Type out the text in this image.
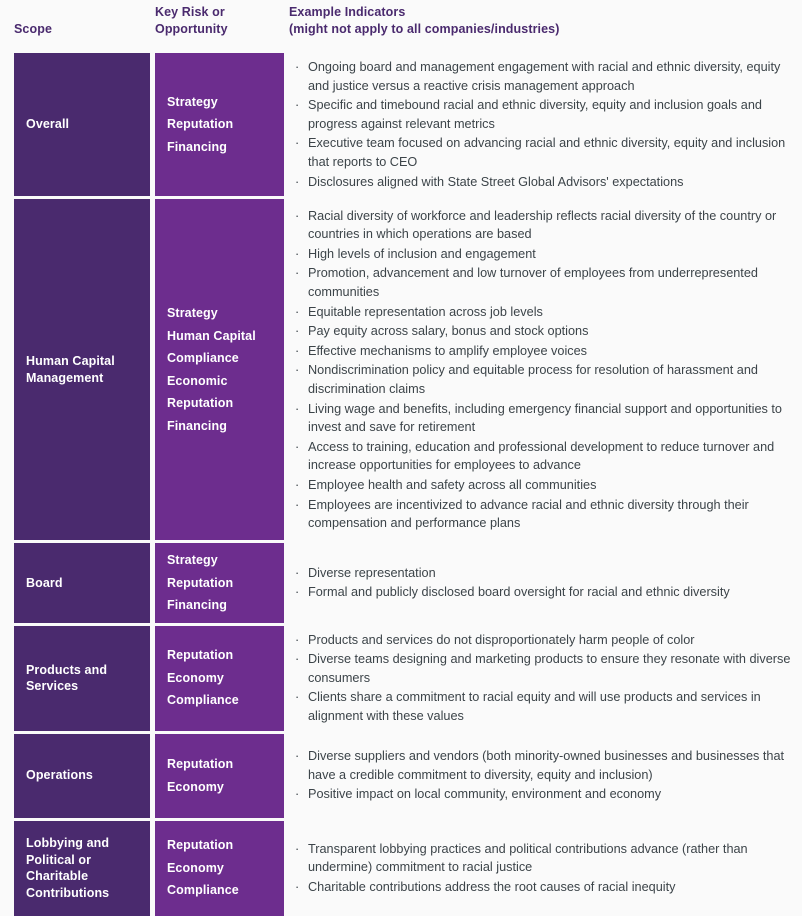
Scope
Key Risk or
Opportunity
Example Indicators
(might not apply to all companies/industries)
Overall
Strategy
Reputation
Financing
· Ongoing board and management engagement with racial and ethnic diversity, equity and justice versus a reactive crisis management approach
· Specific and timebound racial and ethnic diversity, equity and inclusion goals and progress against relevant metrics
· Executive team focused on advancing racial and ethnic diversity, equity and inclusion that reports to CEO
· Disclosures aligned with State Street Global Advisors' expectations
Human Capital Management
Strategy
Human Capital
Compliance
Economic
Reputation
Financing
· Racial diversity of workforce and leadership reflects racial diversity of the country or countries in which operations are based
· High levels of inclusion and engagement
· Promotion, advancement and low turnover of employees from underrepresented communities
· Equitable representation across job levels
· Pay equity across salary, bonus and stock options
· Effective mechanisms to amplify employee voices
· Nondiscrimination policy and equitable process for resolution of harassment and discrimination claims
· Living wage and benefits, including emergency financial support and opportunities to invest and save for retirement
· Access to training, education and professional development to reduce turnover and increase opportunities for employees to advance
· Employee health and safety across all communities
· Employees are incentivized to advance racial and ethnic diversity through their compensation and performance plans
Board
Strategy
Reputation
Financing
· Diverse representation
· Formal and publicly disclosed board oversight for racial and ethnic diversity
Products and Services
Reputation
Economy
Compliance
· Products and services do not disproportionately harm people of color
· Diverse teams designing and marketing products to ensure they resonate with diverse consumers
· Clients share a commitment to racial equity and will use products and services in alignment with these values
Operations
Reputation
Economy
· Diverse suppliers and vendors (both minority-owned businesses and businesses that have a credible commitment to diversity, equity and inclusion)
· Positive impact on local community, environment and economy
Lobbying and Political or Charitable Contributions
Reputation
Economy
Compliance
· Transparent lobbying practices and political contributions advance (rather than undermine) commitment to racial justice
· Charitable contributions address the root causes of racial inequity
